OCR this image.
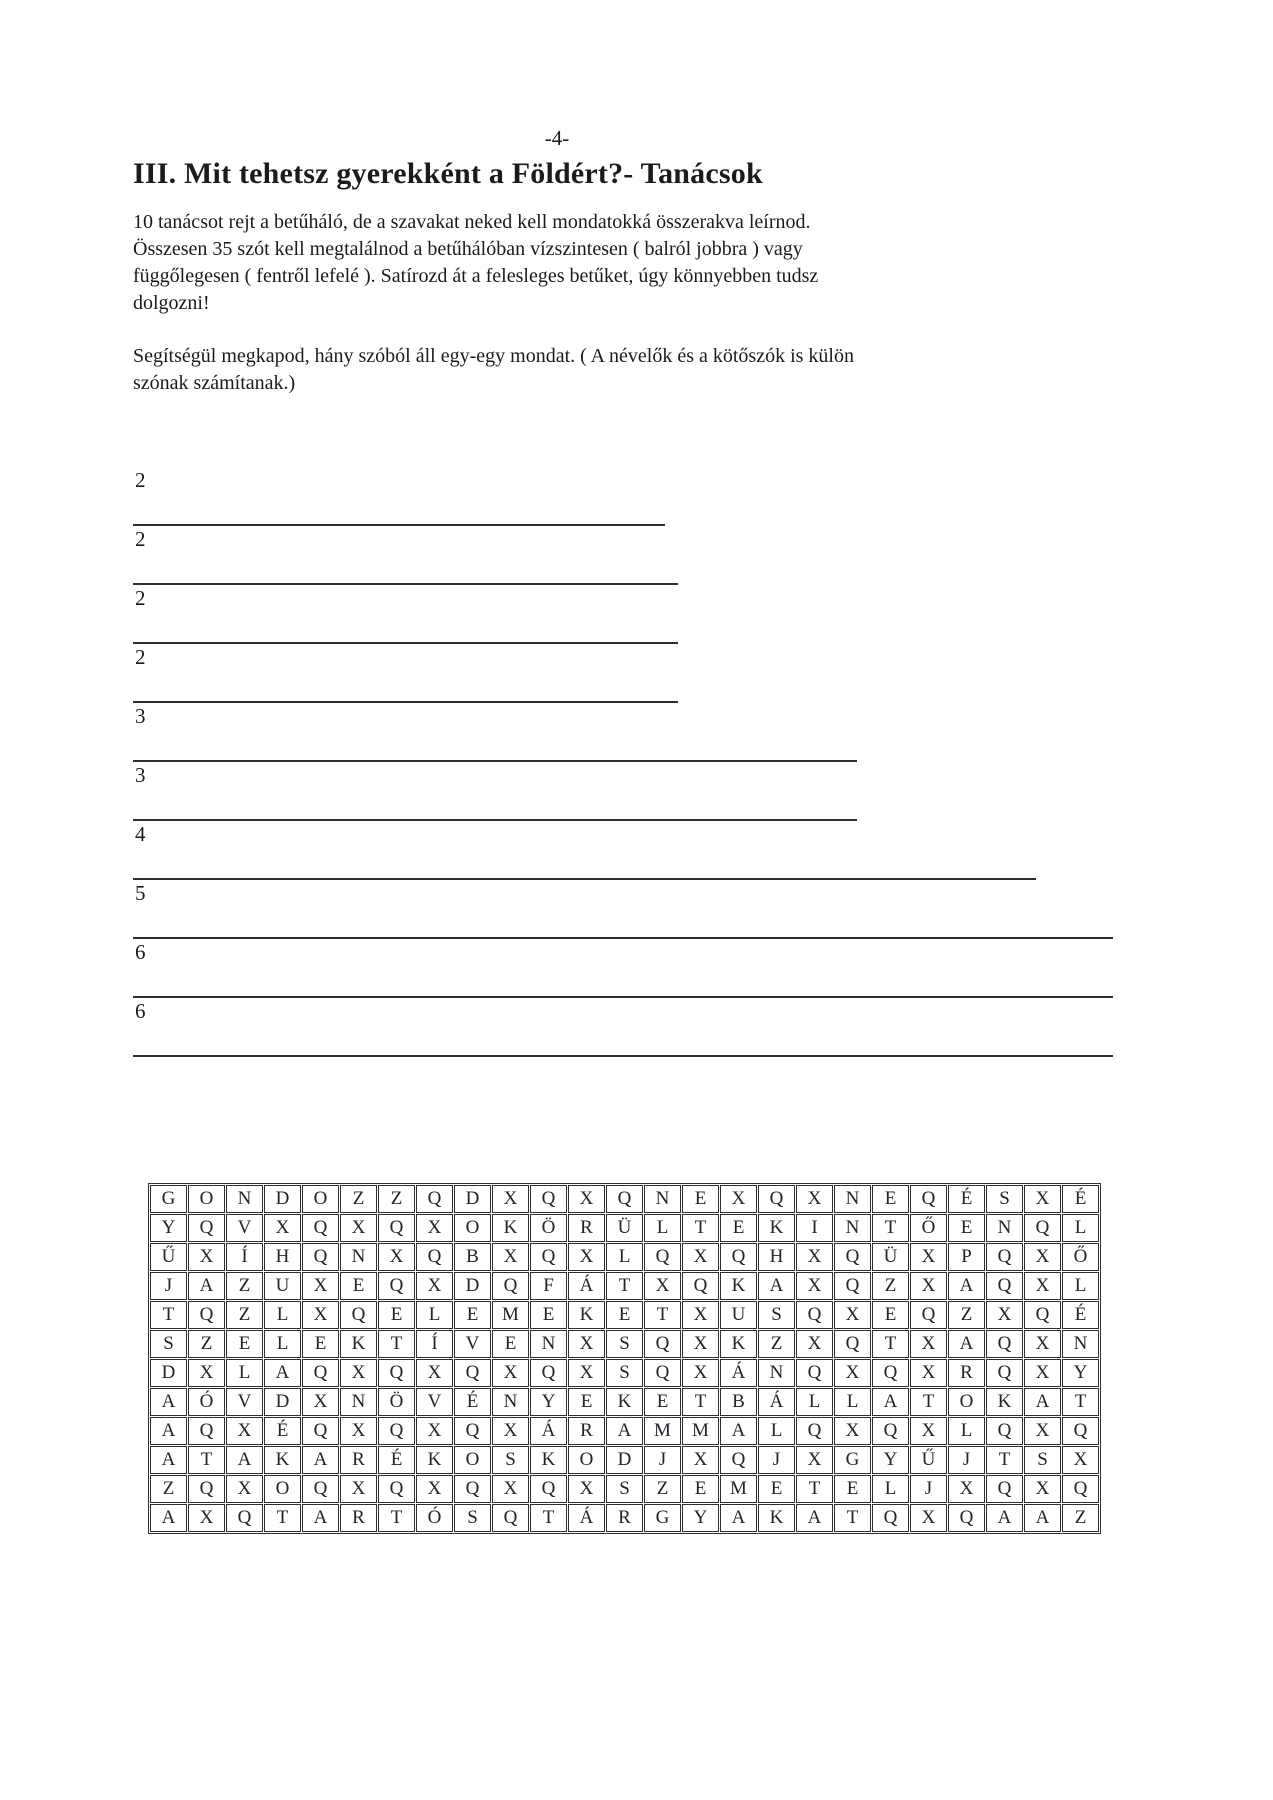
-4-
III. Mit tehetsz gyerekként a Földért?- Tanácsok
10 tanácsot rejt a betűháló, de a szavakat neked kell mondatokká összerakva leírnod.
Összesen 35 szót kell megtalálnod a betűhálóban vízszintesen ( balról jobbra ) vagy
függőlegesen ( fentről lefelé ). Satírozd át a felesleges betűket, úgy könnyebben tudsz
dolgozni!
Segítségül megkapod, hány szóból áll egy-egy mondat. ( A névelők és a kötőszók is külön
szónak számítanak.)
2
2
2
2
3
3
4
5
6
6
G	O	N	D	O	Z	Z	Q	D	X	Q	X	Q	N	E	X	Q	X	N	E	Q	É	S	X	É
Y	Q	V	X	Q	X	Q	X	O	K	Ö	R	Ü	L	T	E	K	I	N	T	Ő	E	N	Q	L
Ű	X	Í	H	Q	N	X	Q	B	X	Q	X	L	Q	X	Q	H	X	Q	Ü	X	P	Q	X	Ő
J	A	Z	U	X	E	Q	X	D	Q	F	Á	T	X	Q	K	A	X	Q	Z	X	A	Q	X	L
T	Q	Z	L	X	Q	E	L	E	M	E	K	E	T	X	U	S	Q	X	E	Q	Z	X	Q	É
S	Z	E	L	E	K	T	Í	V	E	N	X	S	Q	X	K	Z	X	Q	T	X	A	Q	X	N
D	X	L	A	Q	X	Q	X	Q	X	Q	X	S	Q	X	Á	N	Q	X	Q	X	R	Q	X	Y
A	Ó	V	D	X	N	Ö	V	É	N	Y	E	K	E	T	B	Á	L	L	A	T	O	K	A	T
A	Q	X	É	Q	X	Q	X	Q	X	Á	R	A	M	M	A	L	Q	X	Q	X	L	Q	X	Q
A	T	A	K	A	R	É	K	O	S	K	O	D	J	X	Q	J	X	G	Y	Ű	J	T	S	X
Z	Q	X	O	Q	X	Q	X	Q	X	Q	X	S	Z	E	M	E	T	E	L	J	X	Q	X	Q
A	X	Q	T	A	R	T	Ó	S	Q	T	Á	R	G	Y	A	K	A	T	Q	X	Q	A	A	Z
